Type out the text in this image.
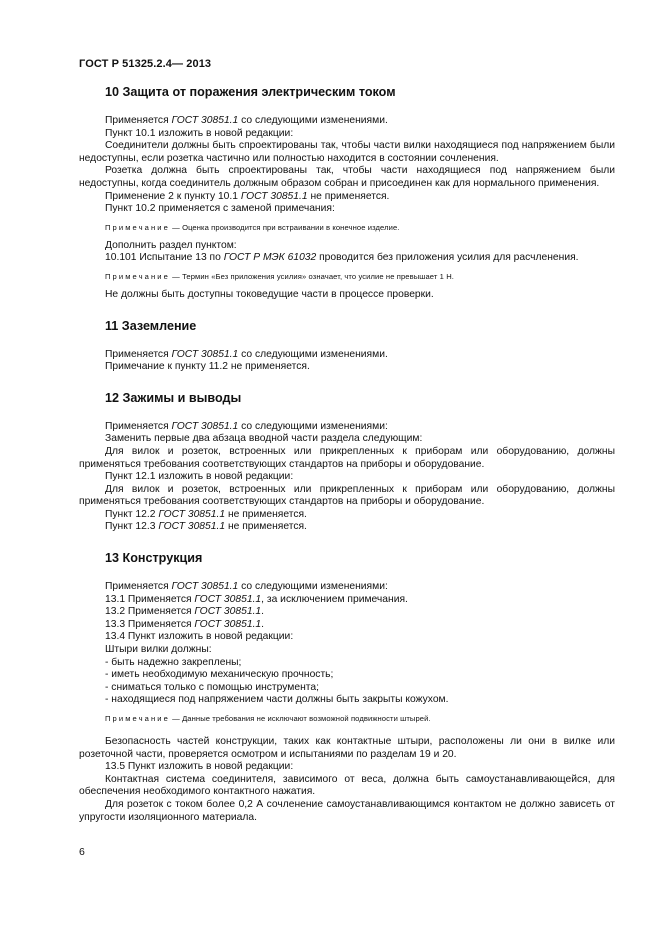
ГОСТ Р 51325.2.4— 2013
10 Защита от поражения электрическим током

Применяется ГОСТ 30851.1 со следующими изменениями.

Пункт 10.1 изложить в новой редакции:

Соединители должны быть спроектированы так, чтобы части вилки находящиеся под напряжением были недоступны, если розетка частично или полностью находится в состоянии сочленения.

Розетка должна быть спроектированы так, чтобы части находящиеся под напряжением были недоступны, когда соединитель должным образом собран и присоединен как для нормального применения.

Применение 2 к пункту 10.1 ГОСТ 30851.1 не применяется.

Пункт 10.2 применяется с заменой примечания:

Примечание — Оценка производится при встраивании в конечное изделие.

Дополнить раздел пунктом:

10.101 Испытание 13 по ГОСТ Р МЭК 61032 проводится без приложения усилия для расчленения.

Примечание — Термин «Без приложения усилия» означает, что усилие не превышает 1 Н.

Не должны быть доступны токоведущие части в процессе проверки.

11 Заземление

Применяется ГОСТ 30851.1 со следующими изменениями.

Примечание к пункту 11.2 не применяется.

12 Зажимы и выводы

Применяется ГОСТ 30851.1 со следующими изменениями:

Заменить первые два абзаца вводной части раздела следующим:

Для вилок и розеток, встроенных или прикрепленных к приборам или оборудованию, должны применяться требования соответствующих стандартов на приборы и оборудование.

Пункт 12.1 изложить в новой редакции:

Для вилок и розеток, встроенных или прикрепленных к приборам или оборудованию, должны применяться требования соответствующих стандартов на приборы и оборудование.

Пункт 12.2 ГОСТ 30851.1 не применяется.

Пункт 12.3 ГОСТ 30851.1 не применяется.

13 Конструкция

Применяется ГОСТ 30851.1 со следующими изменениями:

13.1 Применяется ГОСТ 30851.1, за исключением примечания.

13.2 Применяется ГОСТ 30851.1.

13.3 Применяется ГОСТ 30851.1.

13.4 Пункт изложить в новой редакции:

Штыри вилки должны:

- быть надежно закреплены;

- иметь необходимую механическую прочность;

- сниматься только с помощью инструмента;

- находящиеся под напряжением части должны быть закрыты кожухом.

Примечание — Данные требования не исключают возможной подвижности штырей.

Безопасность частей конструкции, таких как контактные штыри, расположены ли они в вилке или розеточной части, проверяется осмотром и испытаниями по разделам 19 и 20.

13.5 Пункт изложить в новой редакции:

Контактная система соединителя, зависимого от веса, должна быть самоустанавливающейся, для обеспечения необходимого контактного нажатия.

Для розеток с током более 0,2 А сочленение самоустанавливающимся контактом не должно зависеть от упругости изоляционного материала.

6
